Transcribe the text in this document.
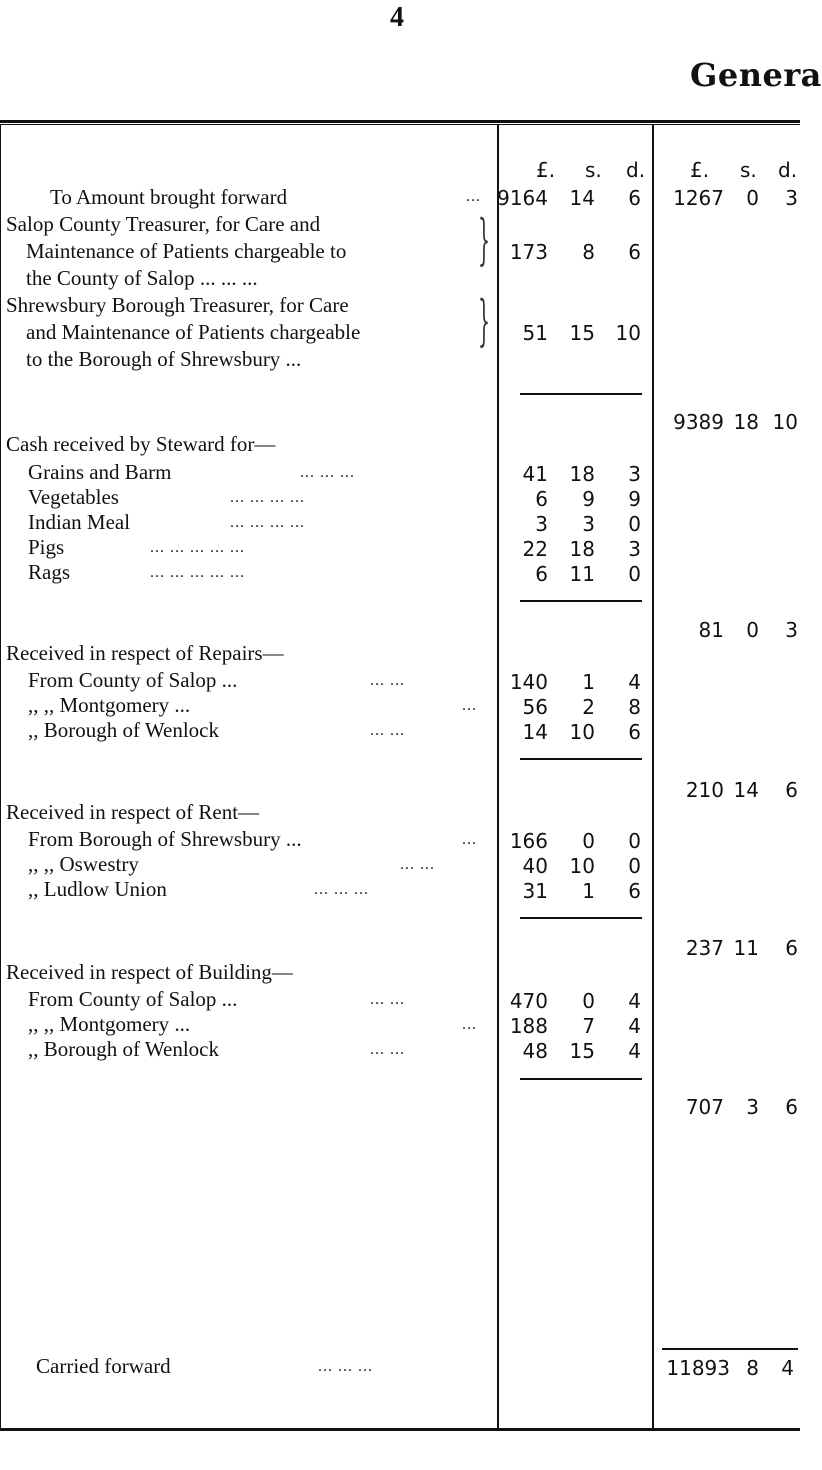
4
Genera
£. s. d. £. s. d.
To Amount brought forward	... 9164	14	6	1267	0	3
Salop County Treasurer, for Care and
Maintenance of Patients chargeable to
the County of Salop ... ... ...
} 173	8	6
Shrewsbury Borough Treasurer, for Care
and Maintenance of Patients chargeable
to the Borough of Shrewsbury ...
}	51	15	10
9389 18 10
Cash received by Steward for—
Grains and Barm	... ... ...	41	18	3
Vegetables	... ... ... ...	6	9	9
Indian Meal	... ... ... ...	3	3	0
Pigs	... ... ... ... ...	22	18	3
Rags	... ... ... ... ...	6	11	0
81	0	3
Received in respect of Repairs—
From County of Salop ...	... ...	140	1	4
,, ,, Montgomery ...	...	56	2	8
,, Borough of Wenlock	... ...	14	10	6
210 14	6
Received in respect of Rent—
From Borough of Shrewsbury ...	...	166	0	0
,, ,, Oswestry	... ...	40	10	0
,, Ludlow Union	... ... ...	31	1	6
237 11	6
Received in respect of Building—
From County of Salop ...	... ...	470	0	4
,, ,, Montgomery ...	...	188	7	4
,, Borough of Wenlock	... ...	48	15	4
707	3	6
Carried forward	... ... ...	11893 8	4
